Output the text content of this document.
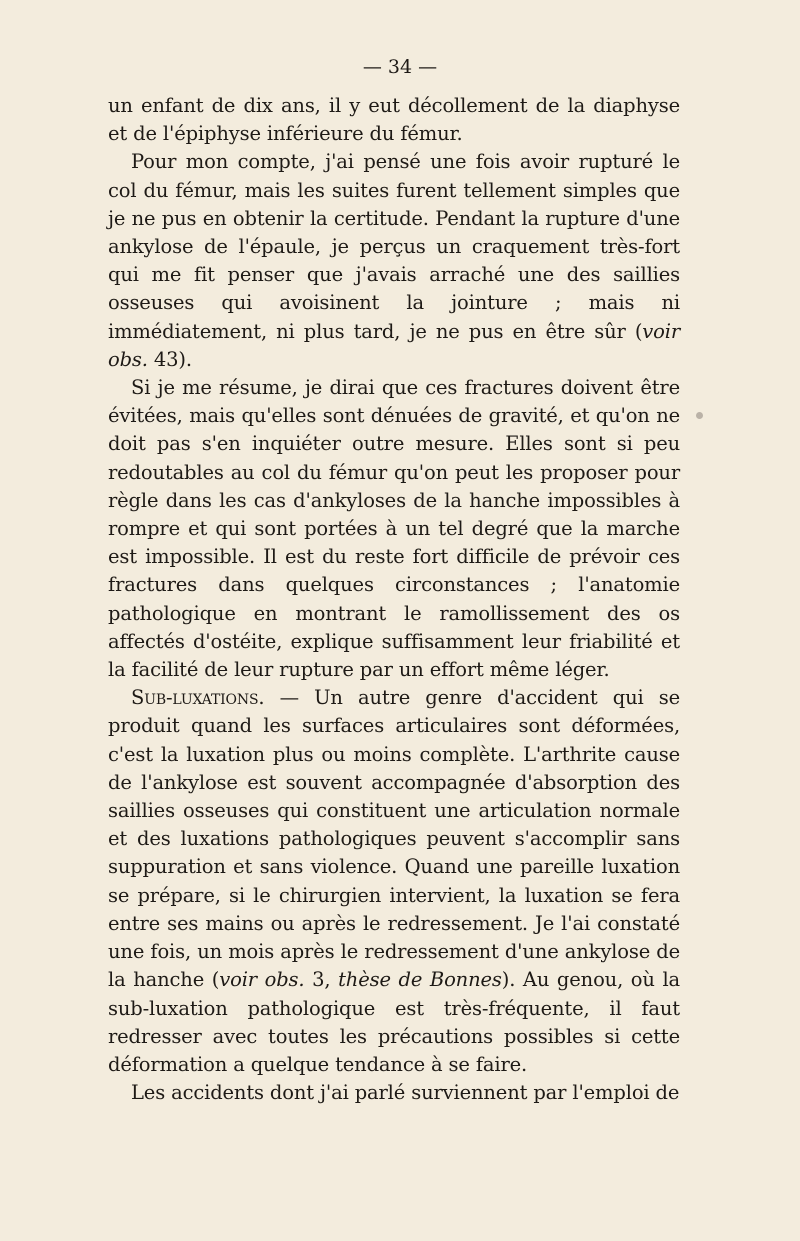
— 34 —

un enfant de dix ans, il y eut décollement de la diaphyse et de l'épiphyse inférieure du fémur.

Pour mon compte, j'ai pensé une fois avoir rupturé le col du fémur, mais les suites furent tellement simples que je ne pus en obtenir la certitude. Pendant la rupture d'une ankylose de l'épaule, je perçus un craquement très-fort qui me fit penser que j'avais arraché une des saillies osseuses qui avoisinent la jointure ; mais ni immédiatement, ni plus tard, je ne pus en être sûr (voir obs. 43).

Si je me résume, je dirai que ces fractures doivent être évitées, mais qu'elles sont dénuées de gravité, et qu'on ne doit pas s'en inquiéter outre mesure. Elles sont si peu redoutables au col du fémur qu'on peut les proposer pour règle dans les cas d'ankyloses de la hanche impossibles à rompre et qui sont portées à un tel degré que la marche est impossible. Il est du reste fort difficile de prévoir ces fractures dans quelques circonstances ; l'anatomie pathologique en montrant le ramollissement des os affectés d'ostéite, explique suffisamment leur friabilité et la facilité de leur rupture par un effort même léger.

Sub-luxations. — Un autre genre d'accident qui se produit quand les surfaces articulaires sont déformées, c'est la luxation plus ou moins complète. L'arthrite cause de l'ankylose est souvent accompagnée d'absorption des saillies osseuses qui constituent une articulation normale et des luxations pathologiques peuvent s'accomplir sans suppuration et sans violence. Quand une pareille luxation se prépare, si le chirurgien intervient, la luxation se fera entre ses mains ou après le redressement. Je l'ai constaté une fois, un mois après le redressement d'une ankylose de la hanche (voir obs. 3, thèse de Bonnes). Au genou, où la sub-luxation pathologique est très-fréquente, il faut redresser avec toutes les précautions possibles si cette déformation a quelque tendance à se faire.

Les accidents dont j'ai parlé surviennent par l'emploi de
